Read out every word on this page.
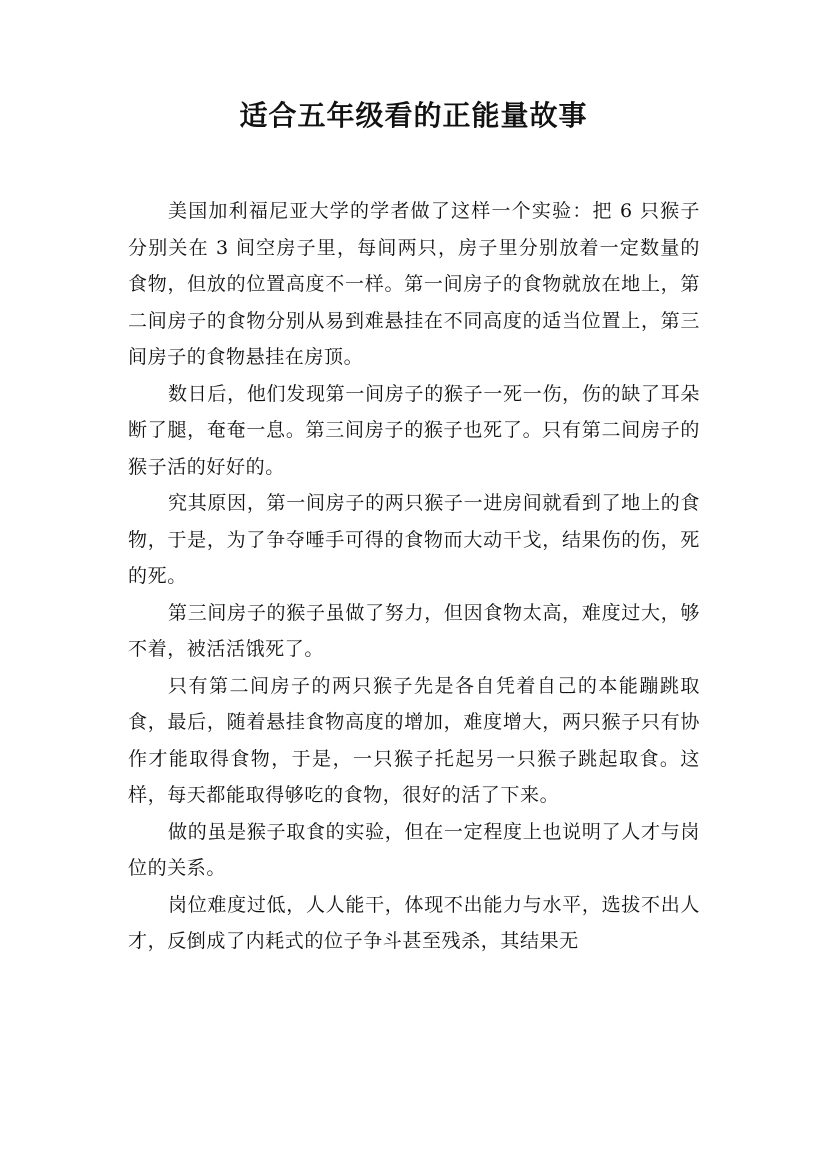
适合五年级看的正能量故事

美国加利福尼亚大学的学者做了这样一个实验：把 6 只猴子分别关在 3 间空房子里，每间两只，房子里分别放着一定数量的食物，但放的位置高度不一样。第一间房子的食物就放在地上，第二间房子的食物分别从易到难悬挂在不同高度的适当位置上，第三间房子的食物悬挂在房顶。

数日后，他们发现第一间房子的猴子一死一伤，伤的缺了耳朵断了腿，奄奄一息。第三间房子的猴子也死了。只有第二间房子的猴子活的好好的。

究其原因，第一间房子的两只猴子一进房间就看到了地上的食物，于是，为了争夺唾手可得的食物而大动干戈，结果伤的伤，死的死。

第三间房子的猴子虽做了努力，但因食物太高，难度过大，够不着，被活活饿死了。

只有第二间房子的两只猴子先是各自凭着自己的本能蹦跳取食，最后，随着悬挂食物高度的增加，难度增大，两只猴子只有协作才能取得食物，于是，一只猴子托起另一只猴子跳起取食。这样，每天都能取得够吃的食物，很好的活了下来。

做的虽是猴子取食的实验，但在一定程度上也说明了人才与岗位的关系。

岗位难度过低，人人能干，体现不出能力与水平，选拔不出人才，反倒成了内耗式的位子争斗甚至残杀，其结果无
